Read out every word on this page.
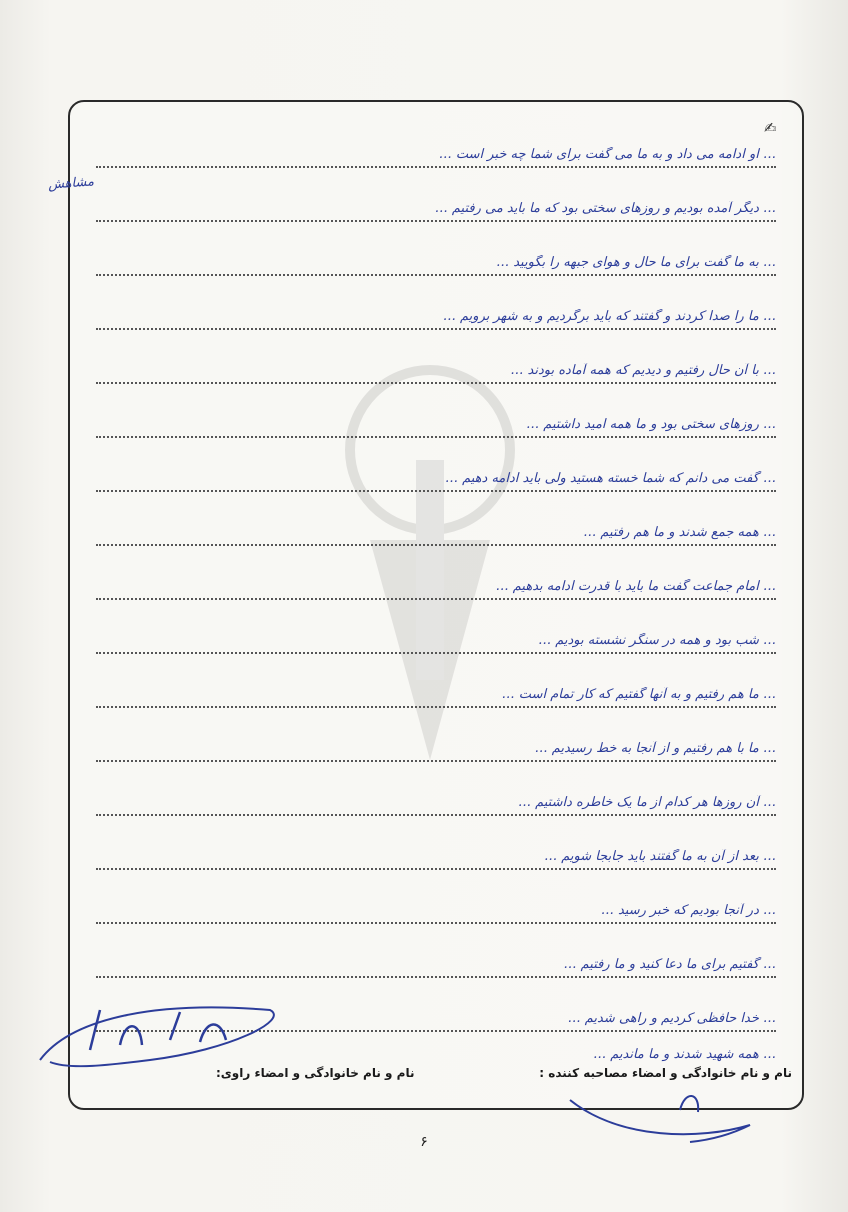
✍
مشاهش
… او ادامه می داد و به ما می گفت برای شما چه خبر است …
… دیگر آمده بودیم و روزهای سختی بود که ما باید می رفتیم …
… به ما گفت برای ما حال و هوای جبهه را بگویید …
… ما را صدا کردند و گفتند که باید برگردیم و به شهر برویم …
… با آن حال رفتیم و دیدیم که همه آماده بودند …
… روزهای سختی بود و ما همه امید داشتیم …
… گفت می دانم که شما خسته هستید ولی باید ادامه دهیم …
… همه جمع شدند و ما هم رفتیم …
… امام جماعت گفت ما باید با قدرت ادامه بدهیم …
… شب بود و همه در سنگر نشسته بودیم …
… ما هم رفتیم و به آنها گفتیم که کار تمام است …
… ما با هم رفتیم و از آنجا به خط رسیدیم …
… آن روزها هر کدام از ما یک خاطره داشتیم …
… بعد از آن به ما گفتند باید جابجا شویم …
… در آنجا بودیم که خبر رسید …
… گفتیم برای ما دعا کنید و ما رفتیم …
… خدا حافظی کردیم و راهی شدیم …
… همه شهید شدند و ما ماندیم …
نام و نام خانوادگی و امضاء مصاحبه کننده :
نام و نام خانوادگی و امضاء راوی:
۶
